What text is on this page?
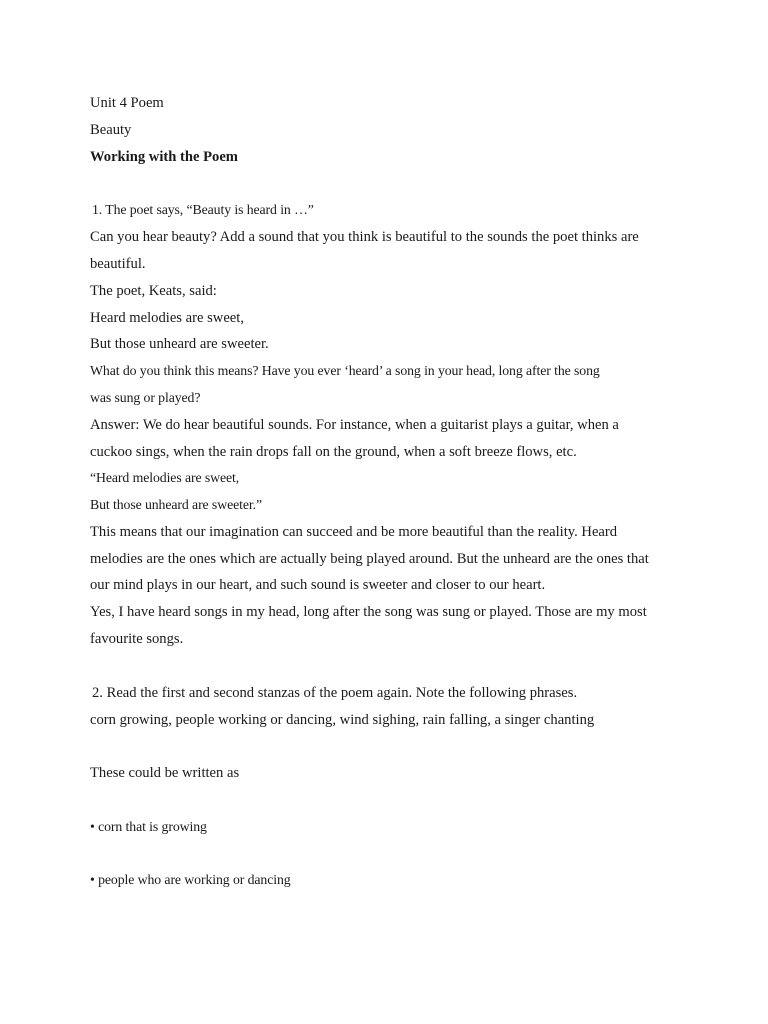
Unit 4 Poem
Beauty
Working with the Poem
1. The poet says, “Beauty is heard in …”
Can you hear beauty? Add a sound that you think is beautiful to the sounds the poet thinks are
beautiful.
The poet, Keats, said:
Heard melodies are sweet,
But those unheard are sweeter.
What do you think this means? Have you ever ‘heard’ a song in your head, long after the song
was sung or played?
Answer: We do hear beautiful sounds. For instance, when a guitarist plays a guitar, when a
cuckoo sings, when the rain drops fall on the ground, when a soft breeze flows, etc.
“Heard melodies are sweet,
But those unheard are sweeter.”
This means that our imagination can succeed and be more beautiful than the reality. Heard
melodies are the ones which are actually being played around. But the unheard are the ones that
our mind plays in our heart, and such sound is sweeter and closer to our heart.
Yes, I have heard songs in my head, long after the song was sung or played. Those are my most
favourite songs.
2. Read the first and second stanzas of the poem again. Note the following phrases.
corn growing, people working or dancing, wind sighing, rain falling, a singer chanting
These could be written as
• corn that is growing
• people who are working or dancing
